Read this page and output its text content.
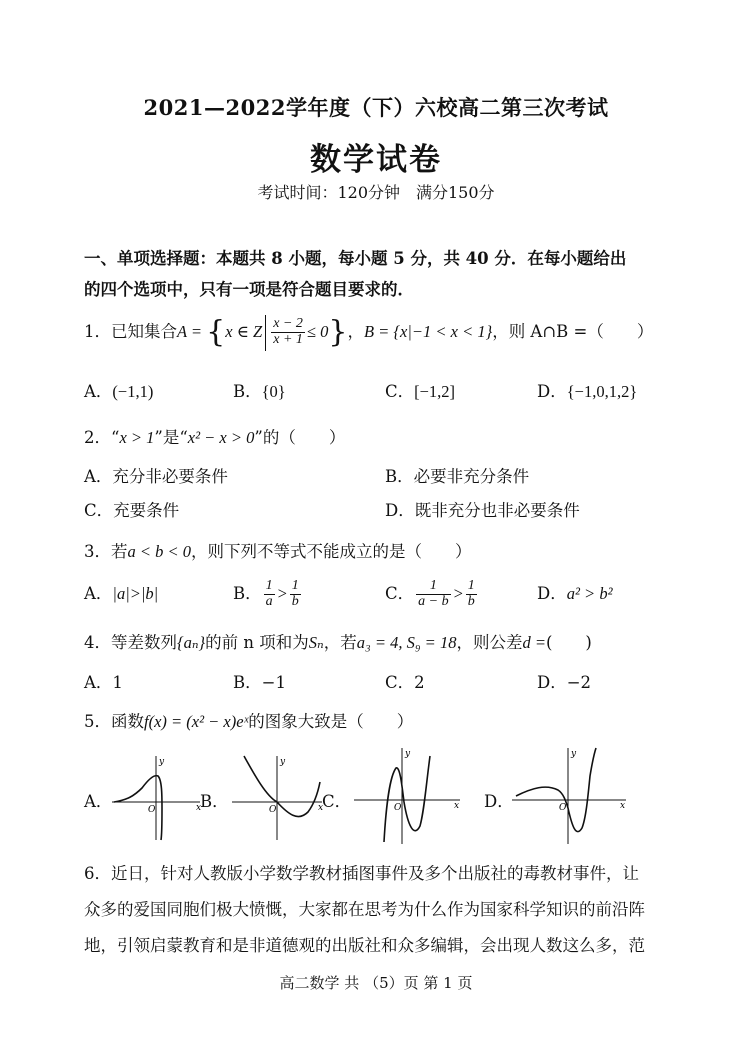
2021—2022学年度（下）六校高二第三次考试
数学试卷
考试时间：120分钟　满分150分
一、单项选择题：本题共 8 小题，每小题 5 分，共 40 分．在每小题给出
的四个选项中，只有一项是符合题目要求的．
1．已知集合A = {x ∈ Z $\frac{x - 2}{x + 1} \le 0$}，B = {x|−1 < x < 1}，则 A∩B =（　　）
A．(−1,1)	B．{0}	C．[−1,2]	D．{−1,0,1,2}
2．“x > 1”是“x² − x > 0”的（　　）
A．充分非必要条件	B．必要非充分条件
C．充要条件	D．既非充分也非必要条件
3．若a < b < 0，则下列不等式不能成立的是（　　）
A．|a|>|b|	B． $\frac{1}{a} > \frac{1}{b}$	C． $\frac{1}{a - b} > \frac{1}{b}$	D．a² > b²
4．等差数列{aₙ}的前 n 项和为Sₙ，若a₃ = 4, S₉ = 18，则公差d =(　　)
A．1	B．−1	C．2	D．−2
5．函数f(x) = (x² − x)eˣ的图象大致是（　　）
A．	B．	C．	D．
y
x
O
y
x
O
y
x
O
y
x
O
6．近日，针对人教版小学数学教材插图事件及多个出版社的毒教材事件，让
众多的爱国同胞们极大愤慨，大家都在思考为什么作为国家科学知识的前沿阵
地，引领启蒙教育和是非道德观的出版社和众多编辑，会出现人数这么多，范
高二数学 共 （5）页 第 1 页
